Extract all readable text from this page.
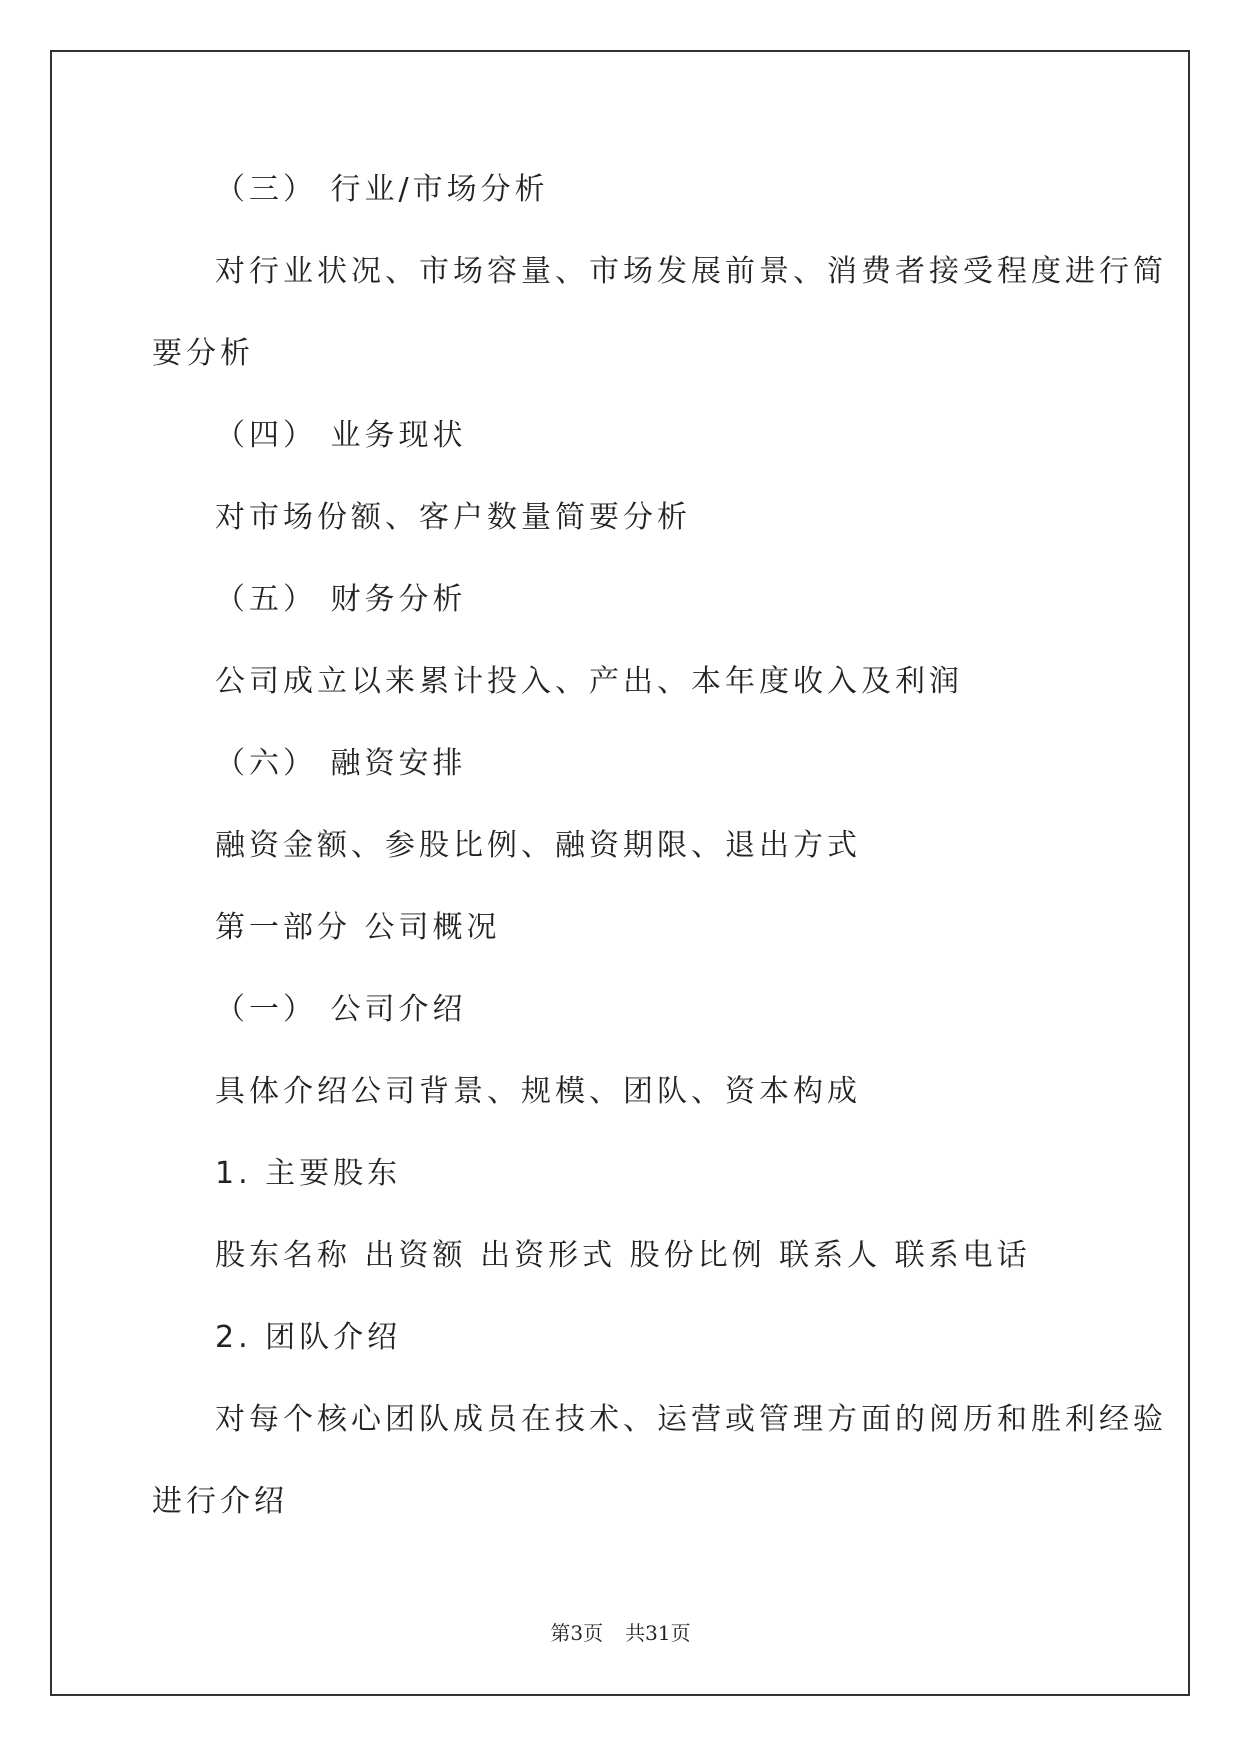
（三） 行业/市场分析
对行业状况、市场容量、市场发展前景、消费者接受程度进行简
要分析
（四） 业务现状
对市场份额、客户数量简要分析
（五） 财务分析
公司成立以来累计投入、产出、本年度收入及利润
（六） 融资安排
融资金额、参股比例、融资期限、退出方式
第一部分 公司概况
（一） 公司介绍
具体介绍公司背景、规模、团队、资本构成
1. 主要股东
股东名称 出资额 出资形式 股份比例 联系人 联系电话
2. 团队介绍
对每个核心团队成员在技术、运营或管理方面的阅历和胜利经验
进行介绍
第3页 共31页
